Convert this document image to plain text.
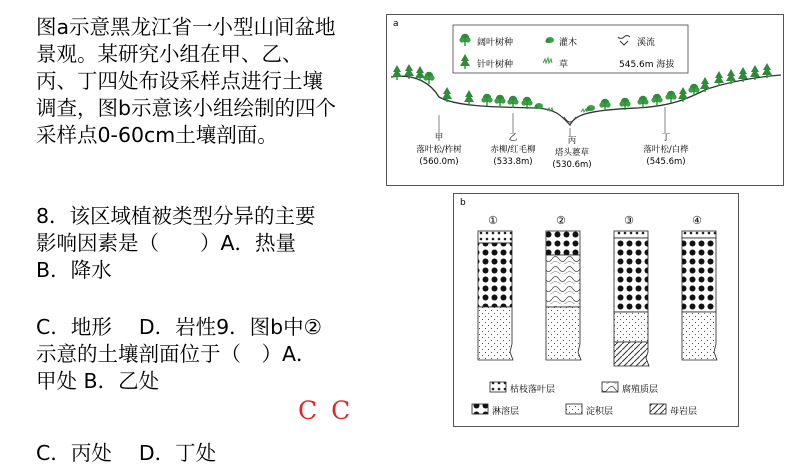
图a示意黑龙江省一小型山间盆地景观。某研究小组在甲、乙、丙、丁四处布设采样点进行土壤调查，图b示意该小组绘制的四个采样点0-60cm土壤剖面。
8．该区域植被类型分异的主要影响因素是（　　）A．热量 B．降水
C．地形　 D．岩性9．图b中②示意的土壤剖面位于（　）A．甲处 B．乙处
C．丙处　 D．丁处
C C
a
阔叶树种	灌木	溪流
针叶树种	草	545.6m 海拔
甲
落叶松/柞树
(560.0m)
乙
赤柳/红毛柳
(533.8m)
丙
塔头薹草
(530.6m)
丁
落叶松/白桦
(545.6m)
b
①	②	③	④
枯枝落叶层	腐殖质层
淋溶层	淀积层	母岩层
